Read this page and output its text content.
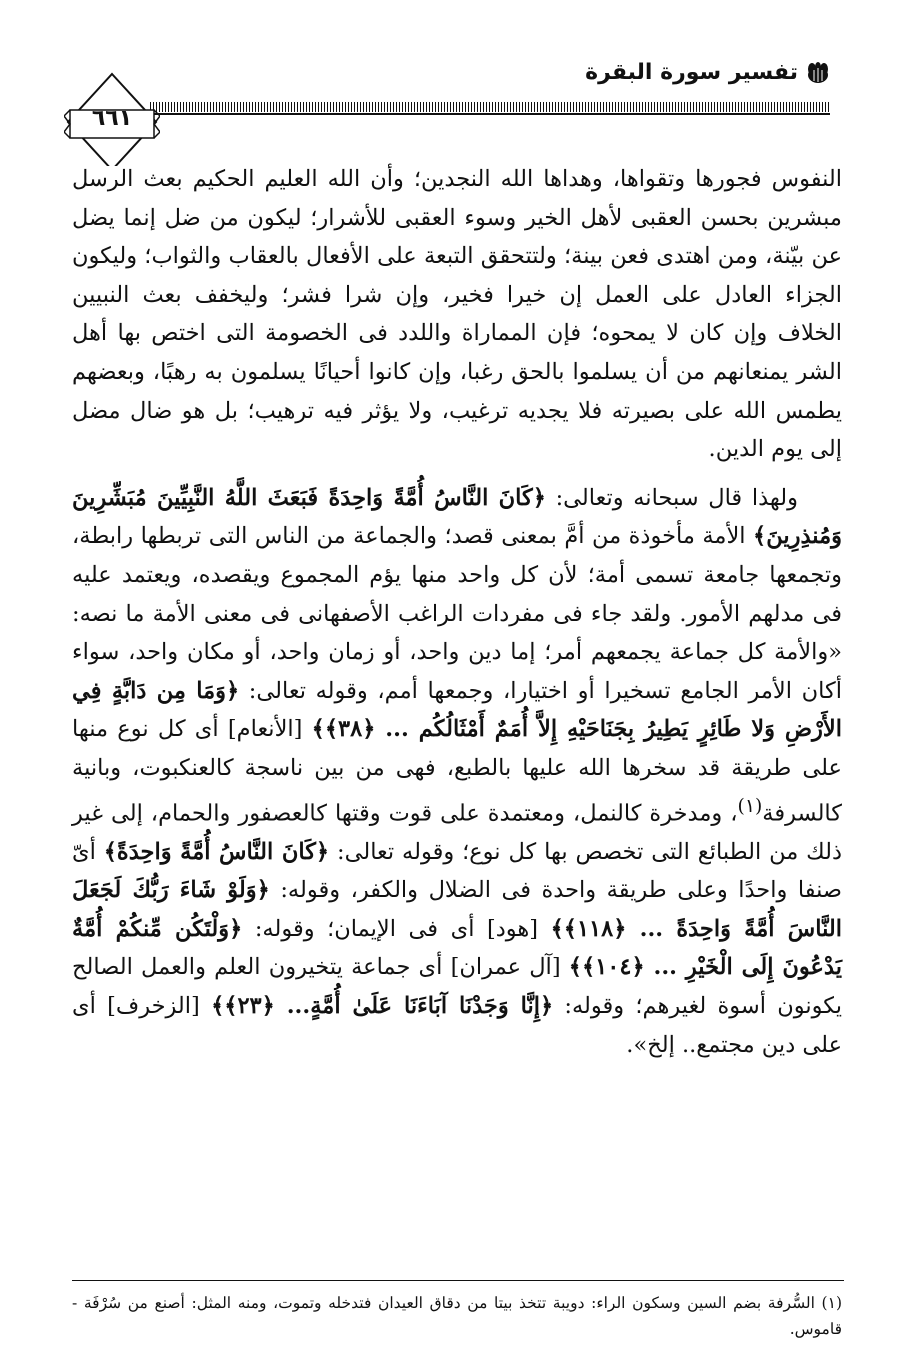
تفسير سورة البقرة
٦٦١

النفوس فجورها وتقواها، وهداها الله النجدين؛ وأن الله العليم الحكيم بعث الرسل مبشرين بحسن العقبى لأهل الخير وسوء العقبى للأشرار؛ ليكون من ضل إنما يضل عن بيّنة، ومن اهتدى فعن بينة؛ ولتتحقق التبعة على الأفعال بالعقاب والثواب؛ وليكون الجزاء العادل على العمل إن خيرا فخير، وإن شرا فشر؛ وليخفف بعث النبيين الخلاف وإن كان لا يمحوه؛ فإن المماراة واللدد فى الخصومة التى اختص بها أهل الشر يمنعانهم من أن يسلموا بالحق رغبا، وإن كانوا أحيانًا يسلمون به رهبًا، وبعضهم يطمس الله على بصيرته فلا يجديه ترغيب، ولا يؤثر فيه ترهيب؛ بل هو ضال مضل إلى يوم الدين.

ولهذا قال سبحانه وتعالى: ﴿كَانَ النَّاسُ أُمَّةً وَاحِدَةً فَبَعَثَ اللَّهُ النَّبِيِّينَ مُبَشِّرِينَ وَمُنذِرِينَ﴾ الأمة مأخوذة من أمَّ بمعنى قصد؛ والجماعة من الناس التى تربطها رابطة، وتجمعها جامعة تسمى أمة؛ لأن كل واحد منها يؤم المجموع ويقصده، ويعتمد عليه فى مدلهم الأمور. ولقد جاء فى مفردات الراغب الأصفهانى فى معنى الأمة ما نصه: «والأمة كل جماعة يجمعهم أمر؛ إما دين واحد، أو زمان واحد، أو مكان واحد، سواء أكان الأمر الجامع تسخيرا أو اختيارا، وجمعها أمم، وقوله تعالى: ﴿وَمَا مِن دَابَّةٍ فِي الأَرْضِ وَلا طَائِرٍ يَطِيرُ بِجَنَاحَيْهِ إِلاَّ أُمَمٌ أَمْثَالُكُم ... ﴿٣٨﴾﴾ [الأنعام] أى كل نوع منها على طريقة قد سخرها الله عليها بالطبع، فهى من بين ناسجة كالعنكبوت، وبانية كالسرفة$^{(١)}$، ومدخرة كالنمل، ومعتمدة على قوت وقتها كالعصفور والحمام، إلى غير ذلك من الطبائع التى تخصص بها كل نوع؛ وقوله تعالى: ﴿كَانَ النَّاسُ أُمَّةً وَاحِدَةً﴾ أىّ صنفا واحدًا وعلى طريقة واحدة فى الضلال والكفر، وقوله: ﴿وَلَوْ شَاءَ رَبُّكَ لَجَعَلَ النَّاسَ أُمَّةً وَاحِدَةً ... ﴿١١٨﴾﴾ [هود] أى فى الإيمان؛ وقوله: ﴿وَلْتَكُن مِّنكُمْ أُمَّةٌ يَدْعُونَ إِلَى الْخَيْرِ ... ﴿١٠٤﴾﴾ [آل عمران] أى جماعة يتخيرون العلم والعمل الصالح يكونون أسوة لغيرهم؛ وقوله: ﴿إِنَّا وَجَدْنَا آبَاءَنَا عَلَىٰ أُمَّةٍ... ﴿٢٣﴾﴾ [الزخرف] أى على دين مجتمع.. إلخ».

(١) السُّرفة بضم السين وسكون الراء: دويبة تتخذ بيتا من دقاق العيدان فتدخله وتموت، ومنه المثل: أصنع من سُرْفَة - قاموس.
